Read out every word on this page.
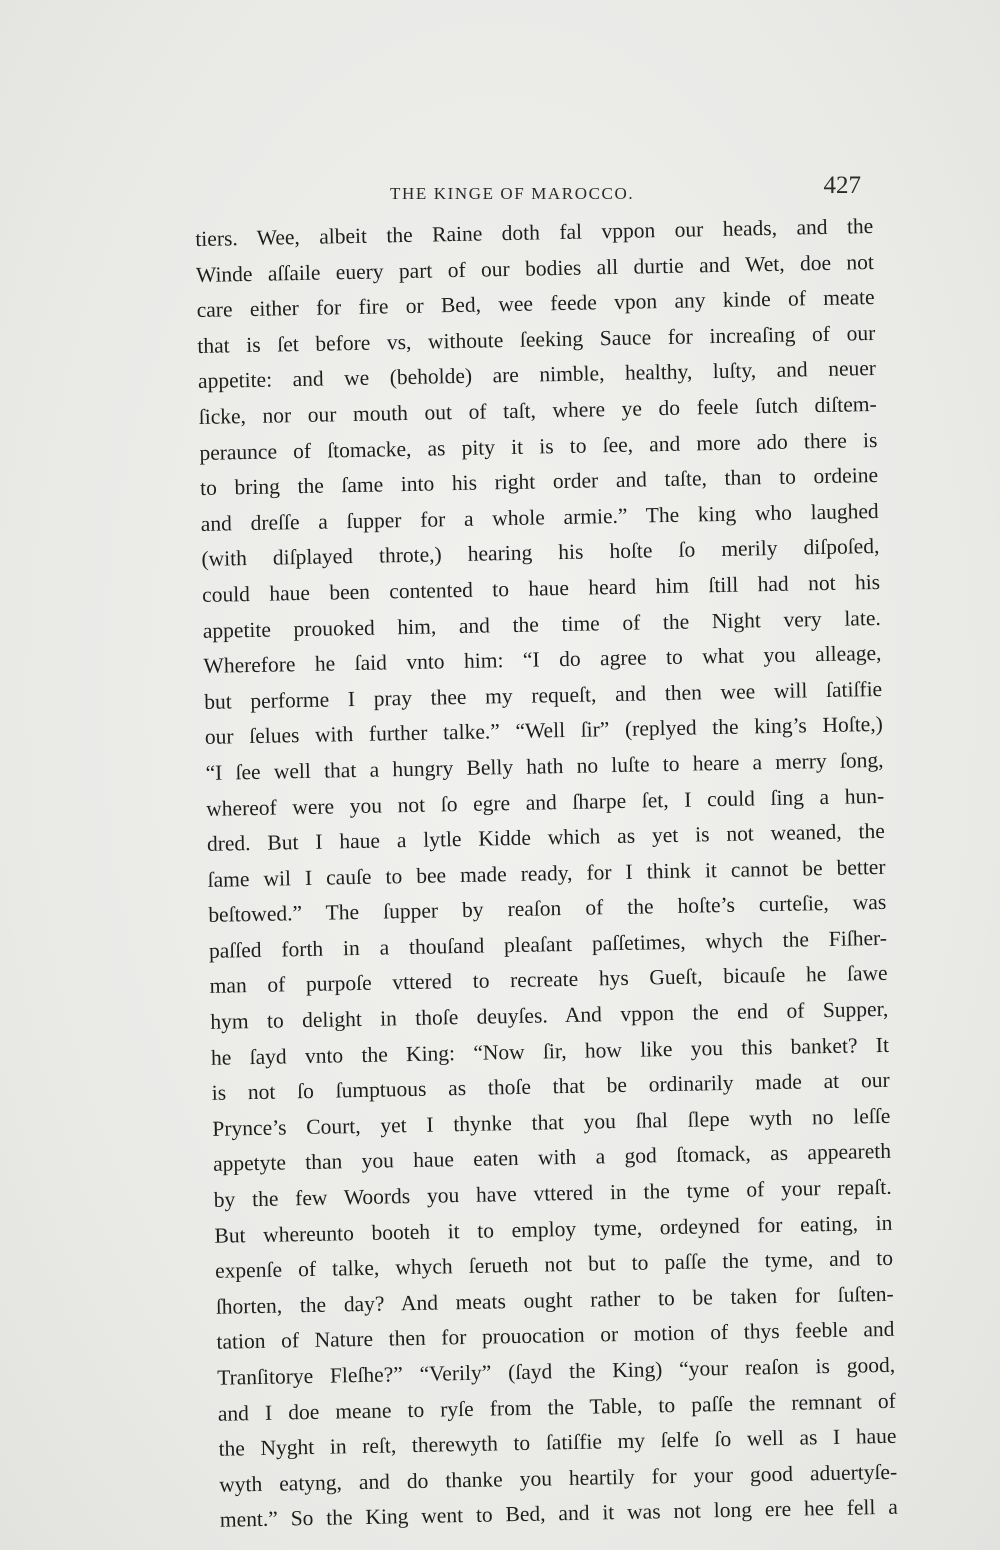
THE KINGE OF MAROCCO.	427
tiers. Wee, albeit the Raine doth fal vppon our heads, and the
Winde aſſaile euery part of our bodies all durtie and Wet, doe not
care either for fire or Bed, wee feede vpon any kinde of meate
that is ſet before vs, withoute ſeeking Sauce for increaſing of our
appetite: and we (beholde) are nimble, healthy, luſty, and neuer
ſicke, nor our mouth out of taſt, where ye do feele ſutch diſtem-
peraunce of ſtomacke, as pity it is to ſee, and more ado there is
to bring the ſame into his right order and taſte, than to ordeine
and dreſſe a ſupper for a whole armie.” The king who laughed
(with diſplayed throte,) hearing his hoſte ſo merily diſpoſed,
could haue been contented to haue heard him ſtill had not his
appetite prouoked him, and the time of the Night very late.
Wherefore he ſaid vnto him: “I do agree to what you alleage,
but performe I pray thee my requeſt, and then wee will ſatiſfie
our ſelues with further talke.” “Well ſir” (replyed the king’s Hoſte,)
“I ſee well that a hungry Belly hath no luſte to heare a merry ſong,
whereof were you not ſo egre and ſharpe ſet, I could ſing a hun-
dred. But I haue a lytle Kidde which as yet is not weaned, the
ſame wil I cauſe to bee made ready, for I think it cannot be better
beſtowed.” The ſupper by reaſon of the hoſte’s curteſie, was
paſſed forth in a thouſand pleaſant paſſetimes, whych the Fiſher-
man of purpoſe vttered to recreate hys Gueſt, bicauſe he ſawe
hym to delight in thoſe deuyſes. And vppon the end of Supper,
he ſayd vnto the King: “Now ſir, how like you this banket? It
is not ſo ſumptuous as thoſe that be ordinarily made at our
Prynce’s Court, yet I thynke that you ſhal ſlepe wyth no leſſe
appetyte than you haue eaten with a god ſtomack, as appeareth
by the few Woords you have vttered in the tyme of your repaſt.
But whereunto booteh it to employ tyme, ordeyned for eating, in
expenſe of talke, whych ſerueth not but to paſſe the tyme, and to
ſhorten, the day? And meats ought rather to be taken for ſuſten-
tation of Nature then for prouocation or motion of thys feeble and
Tranſitorye Fleſhe?” “Verily” (ſayd the King) “your reaſon is good,
and I doe meane to ryſe from the Table, to paſſe the remnant of
the Nyght in reſt, therewyth to ſatiſfie my ſelfe ſo well as I haue
wyth eatyng, and do thanke you heartily for your good aduertyſe-
ment.” So the King went to Bed, and it was not long ere hee fell a
